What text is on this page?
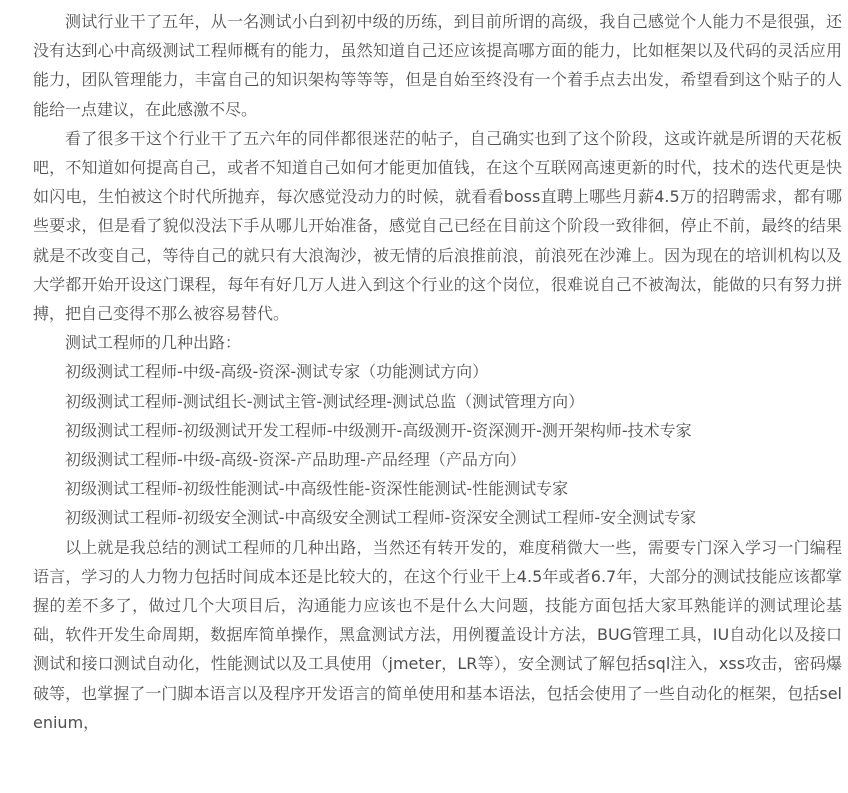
测试行业干了五年，从一名测试小白到初中级的历练，到目前所谓的高级，我自己感觉个人能力不是很强，还没有达到心中高级测试工程师概有的能力，虽然知道自己还应该提高哪方面的能力，比如框架以及代码的灵活应用能力，团队管理能力，丰富自己的知识架构等等等，但是自始至终没有一个着手点去出发，希望看到这个贴子的人能给一点建议，在此感激不尽。

看了很多干这个行业干了五六年的同伴都很迷茫的帖子，自己确实也到了这个阶段，这或许就是所谓的天花板吧，不知道如何提高自己，或者不知道自己如何才能更加值钱，在这个互联网高速更新的时代，技术的迭代更是快如闪电，生怕被这个时代所抛弃，每次感觉没动力的时候，就看看boss直聘上哪些月薪4.5万的招聘需求，都有哪些要求，但是看了貌似没法下手从哪儿开始准备，感觉自己已经在目前这个阶段一致徘徊，停止不前，最终的结果就是不改变自己，等待自己的就只有大浪淘沙，被无情的后浪推前浪，前浪死在沙滩上。因为现在的培训机构以及大学都开始开设这门课程，每年有好几万人进入到这个行业的这个岗位，很难说自己不被淘汰，能做的只有努力拼搏，把自己变得不那么被容易替代。

测试工程师的几种出路：

初级测试工程师-中级-高级-资深-测试专家（功能测试方向）
初级测试工程师-测试组长-测试主管-测试经理-测试总监（测试管理方向）
初级测试工程师-初级测试开发工程师-中级测开-高级测开-资深测开-测开架构师-技术专家
初级测试工程师-中级-高级-资深-产品助理-产品经理（产品方向）
初级测试工程师-初级性能测试-中高级性能-资深性能测试-性能测试专家
初级测试工程师-初级安全测试-中高级安全测试工程师-资深安全测试工程师-安全测试专家

以上就是我总结的测试工程师的几种出路，当然还有转开发的，难度稍微大一些，需要专门深入学习一门编程语言，学习的人力物力包括时间成本还是比较大的，在这个行业干上4.5年或者6.7年，大部分的测试技能应该都掌握的差不多了，做过几个大项目后，沟通能力应该也不是什么大问题，技能方面包括大家耳熟能详的测试理论基础，软件开发生命周期，数据库简单操作，黑盒测试方法，用例覆盖设计方法，BUG管理工具，IU自动化以及接口测试和接口测试自动化，性能测试以及工具使用（jmeter，LR等），安全测试了解包括sql注入，xss攻击，密码爆破等，也掌握了一门脚本语言以及程序开发语言的简单使用和基本语法，包括会使用了一些自动化的框架，包括selenium，
